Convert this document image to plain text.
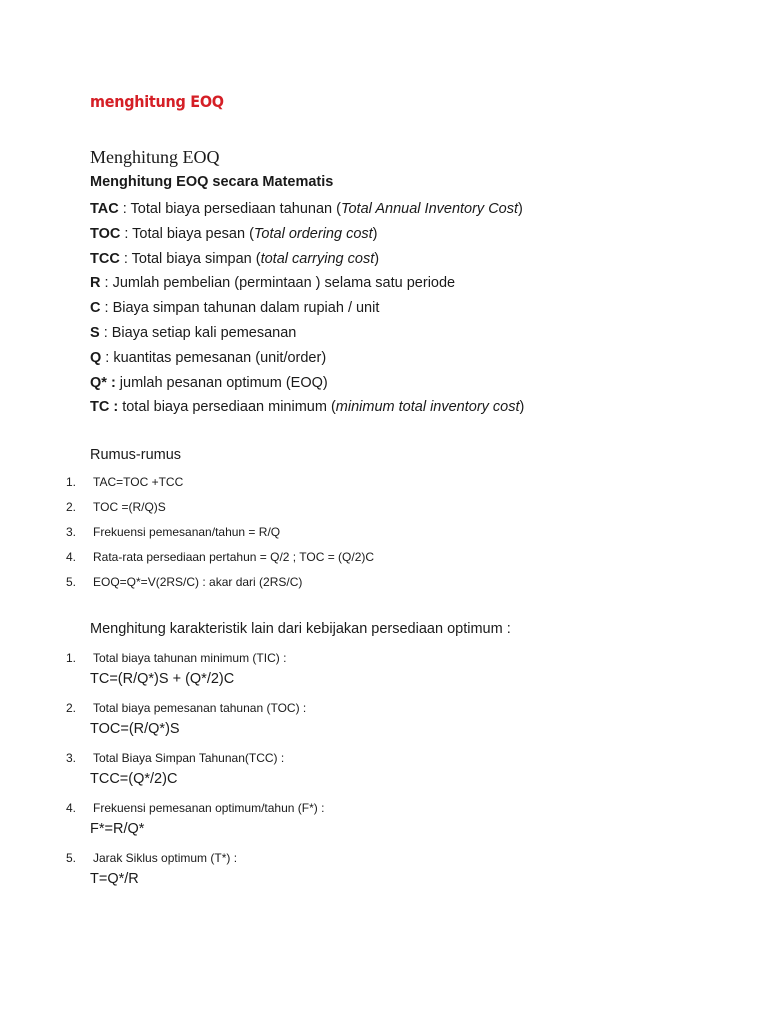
menghitung EOQ
Menghitung EOQ
Menghitung EOQ secara Matematis
TAC : Total biaya persediaan tahunan (Total Annual Inventory Cost)
TOC : Total biaya pesan (Total ordering cost)
TCC : Total biaya simpan (total carrying cost)
R : Jumlah pembelian (permintaan ) selama satu periode
C : Biaya simpan tahunan dalam rupiah / unit
S : Biaya setiap kali pemesanan
Q : kuantitas pemesanan (unit/order)
Q* : jumlah pesanan optimum (EOQ)
TC : total biaya persediaan minimum (minimum total inventory cost)
Rumus-rumus
1. TAC=TOC +TCC
2. TOC =(R/Q)S
3. Frekuensi pemesanan/tahun = R/Q
4. Rata-rata persediaan pertahun = Q/2 ; TOC = (Q/2)C
5. EOQ=Q*=V(2RS/C) : akar dari (2RS/C)
Menghitung karakteristik lain dari kebijakan persediaan optimum :
1. Total biaya tahunan minimum (TIC) :
TC=(R/Q*)S + (Q*/2)C
2. Total biaya pemesanan tahunan (TOC) :
TOC=(R/Q*)S
3. Total Biaya Simpan Tahunan(TCC) :
TCC=(Q*/2)C
4. Frekuensi pemesanan optimum/tahun (F*) :
F*=R/Q*
5. Jarak Siklus optimum (T*) :
T=Q*/R
